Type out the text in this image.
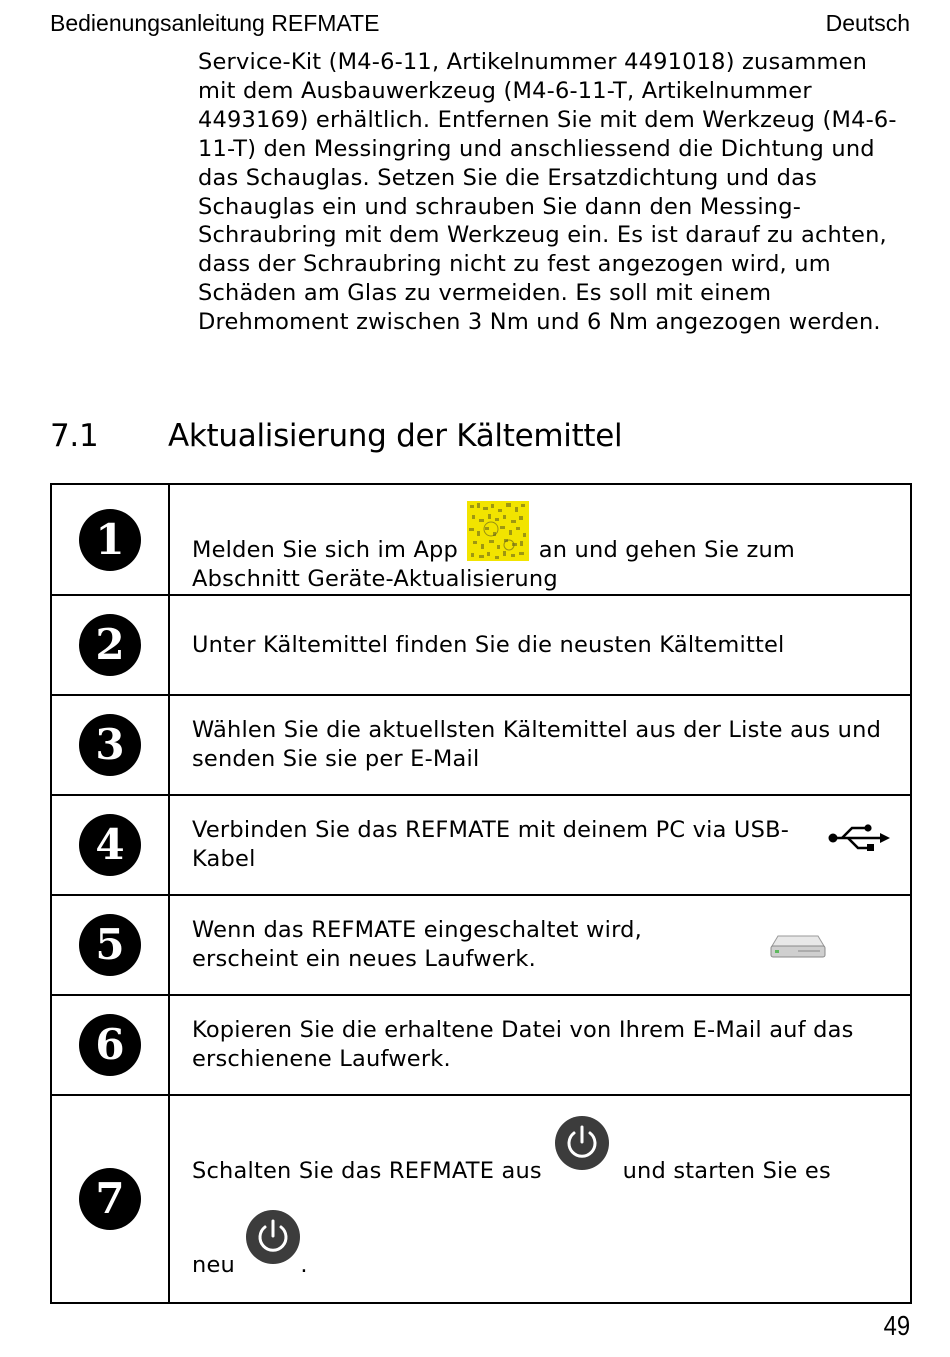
Bedienungsanleitung REFMATE	Deutsch
Service-Kit (M4-6-11, Artikelnummer 4491018) zusammen mit dem Ausbauwerkzeug (M4-6-11-T, Artikelnummer 4493169) erhältlich. Entfernen Sie mit dem Werkzeug (M4-6-11-T) den Messingring und anschliessend die Dichtung und das Schauglas. Setzen Sie die Ersatzdichtung und das Schauglas ein und schrauben Sie dann den Messing-Schraubring mit dem Werkzeug ein. Es ist darauf zu achten, dass der Schraubring nicht zu fest angezogen wird, um Schäden am Glas zu vermeiden. Es soll mit einem Drehmoment zwischen 3 Nm und 6 Nm angezogen werden.
7.1 Aktualisierung der Kältemittel
1	Melden Sie sich im App an und gehen Sie zum Abschnitt Geräte-Aktualisierung

2	Unter Kältemittel finden Sie die neusten Kältemittel
3	Wählen Sie die aktuellsten Kältemittel aus der Liste aus und senden Sie sie per E-Mail
4	Verbinden Sie das REFMATE mit deinem PC via USB-Kabel

5	Wenn das REFMATE eingeschaltet wird, erscheint ein neues Laufwerk.

6	Kopieren Sie die erhaltene Datei von Ihrem E-Mail auf das erschienene Laufwerk.
7	Schalten Sie das REFMATE aus und starten Sie es
neu .
49
